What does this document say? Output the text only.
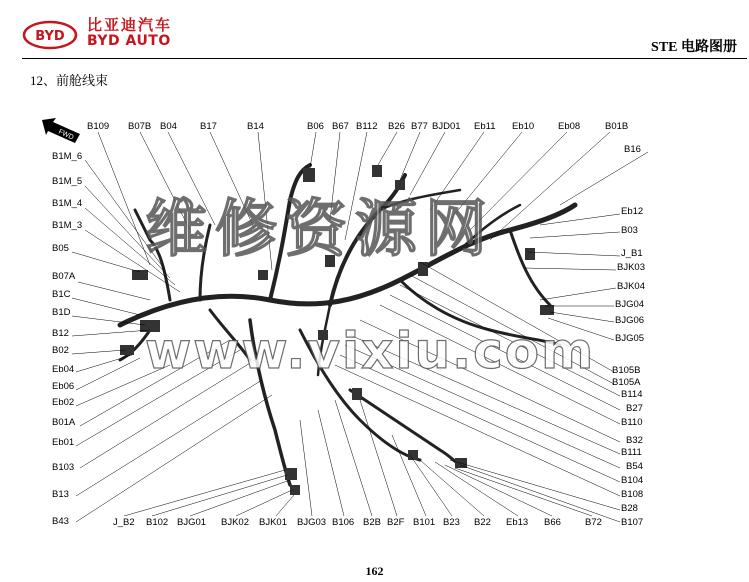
BYD
比亚迪汽车
BYD AUTO	STE 电路图册
12、前舱线束
FWD
B109 B07B B04 B17	B14	B06 B67 B112 B26 B77 BJD01 Eb11 Eb10	Eb08	B01B
B1M_6
B1M_5
B1M_4
B1M_3
B05
B07A
B1C
B1D
B12
B02
Eb04
Eb06
Eb02
B01A
Eb01
B103
B13
B43
B16
Eb12
B03
J_B1
BJK03
BJK04
BJG04
BJG06
BJG05
B105B
B105A
B114
B27
B110
B32
B111
B54
B104
B108
B28
B107
J_B2 B102 BJG01 BJK02 BJK01 BJG03 B106 B2B B2F B101 B23 B22 Eb13 B66	B72
维修资源网
www.vixiu.com
162
